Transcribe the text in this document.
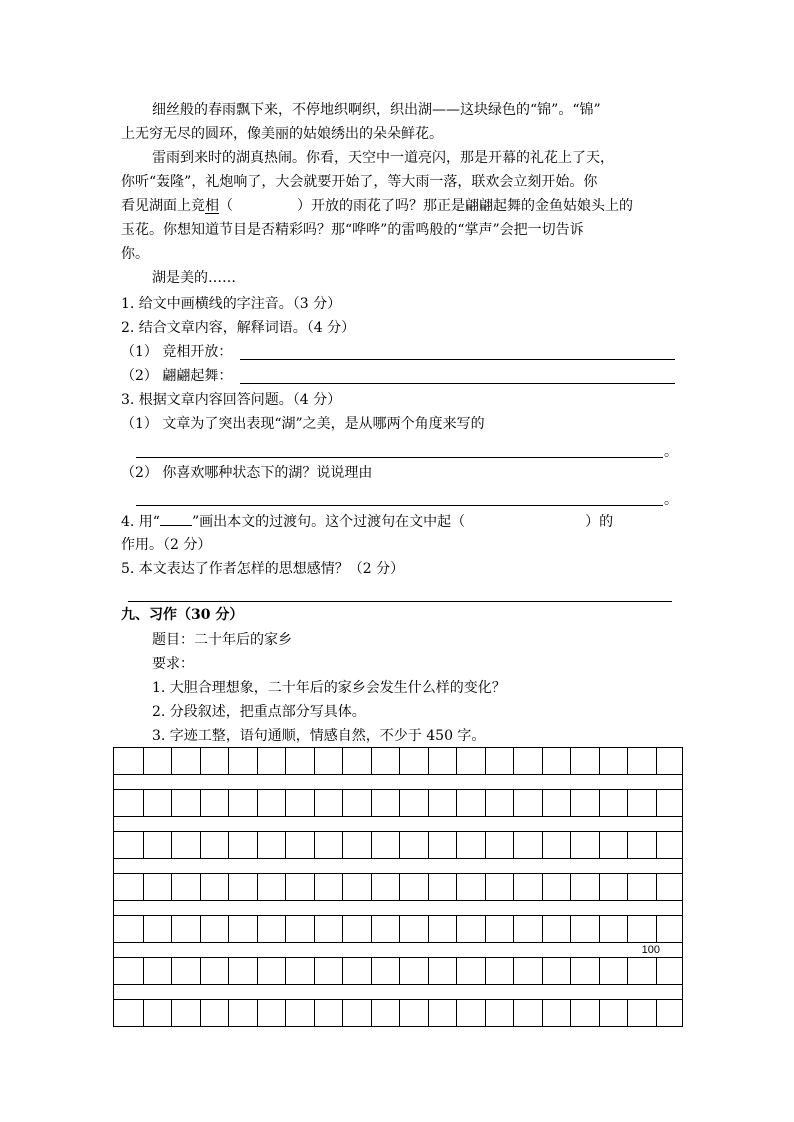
细丝般的春雨飘下来，不停地织啊织，织出湖——这块绿色的“锦”。“锦”
上无穷无尽的圆环，像美丽的姑娘绣出的朵朵鲜花。
雷雨到来时的湖真热闹。你看，天空中一道亮闪，那是开幕的礼花上了天，
你听“轰隆”，礼炮响了，大会就要开始了，等大雨一落，联欢会立刻开始。你
看见湖面上竞相（	）开放的雨花了吗？那正是翩翩起舞的金鱼姑娘头上的
玉花。你想知道节目是否精彩吗？那“哗哗”的雷鸣般的“掌声”会把一切告诉
你。
湖是美的……
1. 给文中画横线的字注音。（3 分）
2. 结合文章内容，解释词语。（4 分）
（1） 竞相开放：
（2） 翩翩起舞：
3. 根据文章内容回答问题。（4 分）
（1） 文章为了突出表现“湖”之美，是从哪两个角度来写的
。
（2） 你喜欢哪种状态下的湖？说说理由
。
4. 用“ ”画出本文的过渡句。这个过渡句在文中起（	）的
作用。（2 分）
5. 本文表达了作者怎样的思想感情？（2 分）
九、习作（30 分）
题目：二十年后的家乡
要求：
1. 大胆合理想象，二十年后的家乡会发生什么样的变化？
2. 分段叙述，把重点部分写具体。
3. 字迹工整，语句通顺，情感自然，不少于 450 字。
100
